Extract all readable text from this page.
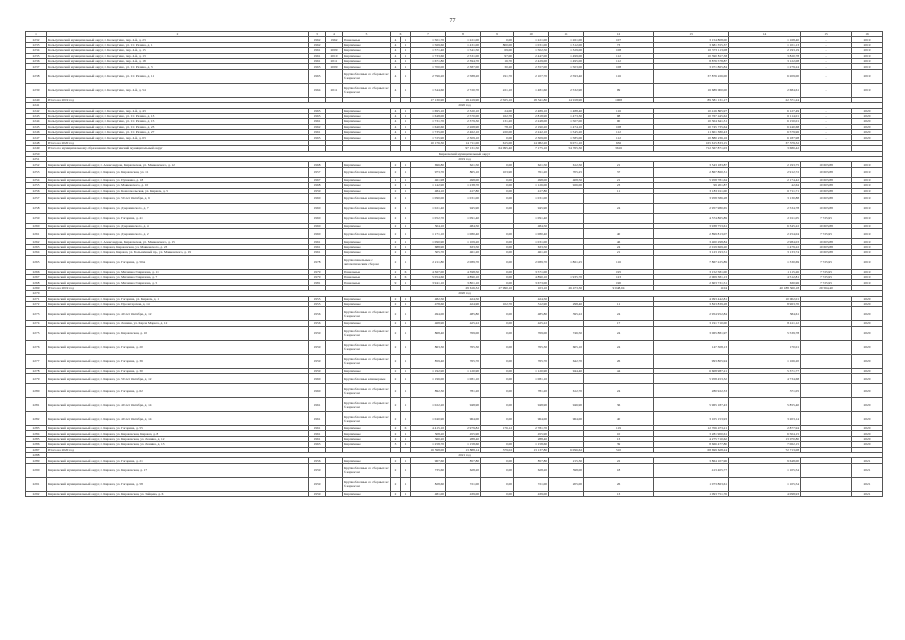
77
1	2	3	4	5	6		7	8	9	10	11	12	13	14	15	16
2232	Кольчугинский муниципальный округ, г. Кольчугино, пер. 4-й, д. 23	1962	1962	Панельные	4	1	1 501,70	1 221,00	0,00	1 221,00	1 261,00	107	3 154 808,00	1 168,40	-	2019
2233	Кольчугинский муниципальный округ, г. Кольчугино, ул. Ст. Разина, д. 1	1962		Кирпичные	4	1	1 569,60	1 431,00	800,00	1 031,00	1 312,00	73	3 681 355,37	1 101,13	-	2019
2234	Кольчугинский муниципальный округ, г. Кольчугино, пер. 4-й, д. 15	1961	2009	Кирпичные	4	1	1 571,40	1 541,50	69,00	1 502,50	1 329,00	108	10 373 113,08	2 193,19	-	2019
2235	Кольчугинский муниципальный округ, г. Кольчугино, пер. 4-й, д. 13	1961	2010	Кирпичные	4	1	1 733,60	2 531,00	97,00	2 447,00	1 499,00	112	10 390 817,38	3 820,78	-	2019
2236	Кольчугинский муниципальный округ, г. Кольчугино, пер. 4-й, д. 18	1961	2011	Кирпичные	4	1	1 671,80	2 394,70	16,70	2 429,00	1 495,00	112	8 876 578,87	3 122,08	-	2019
2237	Кольчугинский муниципальный округ, г. Кольчугино, ул. Ст. Разина, д. 3	1965	2009	Кирпичные	4	1	1 700,00	2 387,00	30,20	2 357,00	1 503,00	108	3 071 865,84	1 279,24	-	2019
2238	Кольчугинский муниципальный округ, г. Кольчугино, ул. Ст. Разина, д. 11	1965		Крупноблочные со сборных ж/б каркасом	4	1	2 796,20	2 588,20	191,70	2 107,70	2 593,40	116	37 876 226,00	6 209,00	-	2019
2239	Кольчугинский муниципальный округ, г. Кольчугино, пер. 4-й, д. 54	1964	2011	Крупноблочные со сборных ж/б каркасом	4	1	1 544,60	2 720,70	221,10	1 481,60	2 532,90	99	16 689 000,00	2 684,61	-	2019
2240	Итого на 2019 год						17 130,90	19 419,90	2 565,10	18 341,80	14 918,90	1068	89 381 131,17	22 371,24		
2241	2020 год															
2242	Кольчугинский муниципальный округ, г. Кольчугино, пер. 4-й, д. 43	1965		Кирпичные	4	1	1 695,10	2 320,10	24,00	2 489,10	1 488,40	116	10 416 865,97	6 127,49	-	2020
2243	Кольчугинский муниципальный округ, г. Кольчугино, ул. Ст. Разина, д. 13	1965		Кирпичные	4	1	1 648,00	2 570,00	162,70	2 818,90	1 473,30	98	10 767 445,62	6 114,01	-	2020
2244	Кольчугинский муниципальный округ, г. Кольчугино, ул. Ст. Разина, д. 15	1961		Кирпичные	4	1	1 731,70	2 379,30	131,20	2 248,00	1 507,00	90	10 304 641,31	6 150,01	-	2020
2245	Кольчугинский муниципальный округ, г. Кольчугино, ул. Ст. Разина, д. 23	1962		Кирпичные	4	1	1 640,60	2 268,90	78,10	2 190,20	1 474,10	108	10 745 735,64	6 240,68	-	2020
2246	Кольчугинский муниципальный округ, г. Кольчугино, ул. Ст. Разина, д. 27	1961		Кирпичные	4	1	1 735,00	2 462,10	220,00	2 242,10	1 545,20	112	11 601 380,43	6 579,96	-	2020
2247	Кольчугинский муниципальный округ, г. Кольчугино, пер. 4-й, д. 63	1965		Кирпичные	4	1	1 725,90	2 309,10	0,00	2 309,00	1 585,00	112	10 880 236,16	6 187,98	-	2020
2248	Итого на 2020 год						10 176,30	14 711,00	615,00	14 082,20	9 071,10	636	165 615 833,15	37 379,32		
2249	Итого по муниципальному образованию Кольчугинский муниципальный округ							97 131,50	64 095,40	7 175,10	54 765,30	3616	712 367 871,03	3 680,42		
2250	Киржачский муниципальный округ															
2251	2019 год															
2252	Киржачский муниципальный округ, г. Александров, Киржачская, ул. Маяковского, д. 12	1968		Кирпичные	2	1	696,80	621,50	0,00	621,50	612,50	21	3 543 183,87	2 193,75	10 603,88	2019
2253	Киржачский муниципальный округ, г. Киржач, ул. Киржачская, ул. 11	1957		Крупноблочные клинкерные	2	1	973,70	865,10	103,90	761,20	705,25	37	2 867 860,31	2 912,72	10 603,88	2019
2254	Киржачский муниципальный округ, г. Киржач, ул. Пушкина, д. 18	1967		Кирпичные	1	1	461,98	498,00	0,00	498,00	408,50	21	5 958 781,64	2 174,42	10 603,88	2019
2255	Киржачский муниципальный округ, г. Киржач, ул. Маяковского, д. 10	1968		Кирпичные	2	1	1 142,90	1 238,70	0,00	1 126,00	926,00	23	99 201,87	42,64	10 603,88	2019
2256	Киржачский муниципальный округ, г. Киржач, ул. Комсомольская, ул. Киржач, д. 5	1959		Кирпичные	2	1	484,10	417,80	0,00	417,80		11	3 183 011,00	6 711,71	10 603,88	2019
2257	Киржачский муниципальный округ, г. Киржач, ул. 50 лет Октября, д. 6	1960		Крупноблочные клинкерные	2	1	1 090,00	1 031,00	0,00	1 031,00			3 958 586,28	3 130,88	10 603,88	2019
2258	Киржачский муниципальный округ, г. Киржач, ул. Дзержинского, д. 7	1960		Крупноблочные клинкерные	2	1	1 021,40	945,90	0,00	945,90		24	2 957 980,65	2 534,78	10 603,88	2019
2259	Киржачский муниципальный округ, г. Киржач, ул. Гагарина, д. 41	1960		Крупноблочные клинкерные	2	1	1 052,70	1 091,40		1 091,40			4 374 865,89	2 011,05	7 725,95	2019
2260	Киржачский муниципальный округ, г. Киржач, ул. Дзержинского, д. 4	1960		Кирпичные	2	1	504,10	484,50		484,50			3 938 753,61	6 345,22	10 603,88	2019
2261	Киржачский муниципальный округ, г. Киржач, ул. Дзержинского, д. 2	1960		Крупноблочные клинкерные	2	1	1 171,10	1 080,40	0,00	1 080,40		40	2 899 813,07	2 254,04	7 725,95	2019
2262	Киржачский муниципальный округ, г. Александров, Киржачская, ул. Маяковского, д. 15	1961		Кирпичные	2	1	1 090,90	1 109,20	0,00	1 031,00		46	3 400 298,84	2 984,03	10 603,88	2019
2263	Киржачский муниципальный округ, г. Киржач, Киржачская, ул. Маяковского, д. 23	1961		Кирпичные	2	1	688,90	633,50	0,00	633,50		24	2 019 669,20	1 479,22	10 603,88	2019
2264	Киржачский муниципальный округ, г. Киржач, Киржач, ул. Больничный пр., ул. Маяковского, д. 19	1961		Кирпичные	2	1	505,70	461,20	0,00	461,20		21	3 123 193,51	3 133,74	10 603,88	2019
2265	Киржачский муниципальный округ, г. Киржач, ул. Гагарина, д. 50А	1978		Крупнопанельные с автоматическим сбором	2	1	2 211,80	2 089,70	0,00	2 089,70	1 861,25	116	7 867 225,89	1 330,69	7 725,95	2019
2266	Киржачский муниципальный округ, г. Киржач, ул. Мичмана Гаврилова, д. 11	1979		Панельные	2	6	4 367,00	4 398,50	0,00	3 571,00		195	3 152 581,00	1 115,26	7 725,95	2019
2267	Киржачский муниципальный округ, г. Киржач, ул. Мичмана Гаврилова, д. 7	1979		Панельные	4	6	5 054,60	4 890,10	0,00	4 890,10	1 935,70	123	2 009 381,13	4 512,81	7 725,95	2019
2268	Киржачский муниципальный округ, г. Киржач, ул. Мичмана Гаврилова, д. 5	1981		Панельные	9	1	3 941,10	3 801,10	0,00	3 673,00		190	2 603 731,51	630,96	7 725,95	2019
2269	Итого на 2019 год							29 616,32	27 990,10	103,10	26 473,30	9 048,04	1104	40 188 360,18	29 564,40	
2270	2020 год															
2271	Киржачский муниципальный округ, г. Киржач, ул. Гагарина, ул. Киржач, д. 1	1955		Кирпичные	2	1	482,50	424,50		424,50			4 093 442,81	10 002,01		2020
2272	Киржачский муниципальный округ, г. Киржач, ул. Пролетарская, д. 14	1955		Кирпичные	2	1	478,60	424,90	102,70	312,90	298,40	11	3 823 839,28	8 963,70		2020
2273	Киржачский муниципальный округ, г. Киржач, ул. 40 лет Октября, д. 12	1956		Крупноблочные со сборных ж/б каркасом	2	1	494,00	485,80	0,00	485,80	395,22	24	2 954 952,84	584,61		2020
2274	Киржачский муниципальный округ, г. Киржач, ул. Ленина, ул. Карла Маркса, д. 12	1956		Кирпичные	2	1	468,90	425,22	0,00	425,22		17	3 191 710,00	8 411,12		2020
2275	Киржачский муниципальный округ, г. Киржач, ул. Киржачская, д. 10	1959		Крупноблочные со сборных ж/б каркасом	2	1	868,40	769,00	0,00	769,00	746,50	24	3 065 881,97	5 539,78		2020
2276	Киржачский муниципальный округ, г. Киржач, ул. Гагарина, д. 20	1959		Крупноблочные со сборных ж/б каркасом	2	1	863,30	765,30	0,00	765,30	605,10	24	147 308,13	170,01		2020
2277	Киржачский муниципальный округ, г. Киржач, ул. Гагарина, д. 36	1959		Крупноблочные со сборных ж/б каркасом	2	1	859,40	765,70	0,00	765,70	642,70	26	993 805,94	1 166,20		2020
2278	Киржачский муниципальный округ, г. Киржач, ул. Гагарина, д. 30	1959		Кирпичные	2	1	1 192,90	1 120,90	0,00	1 120,90	944,40	44	6 608 987,21	5 371,77		2020
2279	Киржачский муниципальный округ, г. Киржач, ул. 50 лет Октября, д. 12	1960		Крупноблочные клинкерные	2	1	1 196,00	1 081,10	0,00	1 081,10			5 958 453,32	4 734,68		2020
2280	Киржачский муниципальный округ, г. Киржач, ул. Гагарина, д. 62	1960		Крупноблочные со сборных ж/б каркасом	2	1	892,30	781,20	0,00	781,20	612,70	24	280 922,33	371,05		2020
2281	Киржачский муниципальный округ, г. Киржач, ул. 40 лет Октября, д. 14	1961		Крупноблочные со сборных ж/б каркасом	2	1	1 022,20	948,90	0,00	948,90	946,90	36	5 965 187,43	5 855,40		2020
2282	Киржачский муниципальный округ, г. Киржач, ул. 40 лет Октября, д. 14	1961		Крупноблочные со сборных ж/б каркасом	2	1	1 040,90	964,00	0,00	964,00	964,00	40	3 105 153,93	3 203,14		2020
2283	Киржачский муниципальный округ, г. Киржач, ул. Гагарина, д. 55	1961		Кирпичные	2	6	4 415,10	2 979,82	176,12	2 781,70		119	12 706 473,21	2 877,94		2020
2284	Киржачский муниципальный округ, г. Киржач, ул. Киржачская, Киржач, д. 8	1961		Кирпичные	2	1	508,20	455,90		455,90		10	3 281 900,61	6 504,15		2020
2285	Киржачский муниципальный округ, г. Киржач, ул. Киржачская, ул. Ленина, д. 12	1961		Кирпичные	2	1	360,20	288,40		288,40		13	4 275 710,62	13 070,80		2020
2286	Киржачский муниципальный округ, г. Киржач, ул. Киржачская, ул. Ленина, д. 13	1963		Кирпичные	3	1	1 258,70	1 158,60	0,00	1 158,60		39	8 666 477,80	7 062,15		2020
2287	Итого на 2020 год						16 598,00	13 888,14	379,02	13 137,80	6 096,62	510	68 699 628,24	72 713,08		
2288	2021 год															
2289	Киржачский муниципальный округ, г. Киржач, ул. Гагарина, д. 21	1956		Кирпичные	2	1	967,60	857,80	0,00	857,80	215,30	22	3 864 107,96	9 648,00		2021
2290	Киржачский муниципальный округ, г. Киржач, ул. Киржачская, д. 17	1959		Крупноблочные со сборных ж/б каркасом	2	1	735,60	628,20	0,00	628,20	598,00	18	413 405,77	1 105,54		2021
2291	Киржачский муниципальный округ, г. Киржач, ул. Гагарина, д. 58	1959		Крупноблочные со сборных ж/б каркасом	2	1	828,60	721,00	0,00	721,00	205,00	26	1 073 863,61	1 105,54		2021
2292	Киржачский муниципальный округ, г. Киржач, ул. Киржачская, ул. Зайцева, д. 6	1959		Кирпичные	2	1	481,00	439,00	0,00	439,00		13	1 093 751,76	4 098,93		2021
